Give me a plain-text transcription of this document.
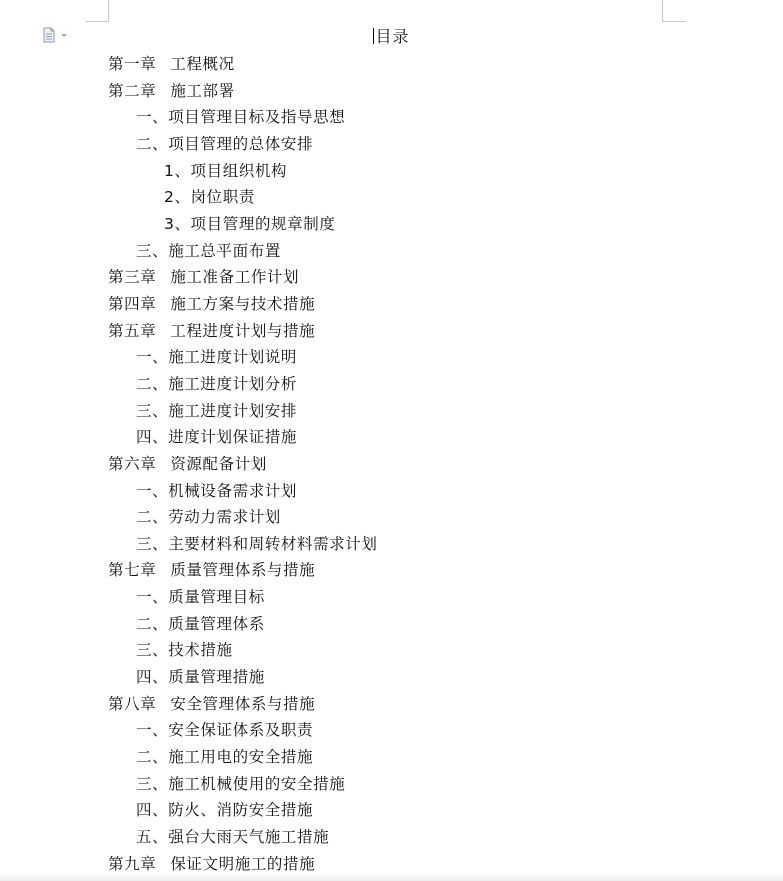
目录
第一章 工程概况
第二章 施工部署
一、项目管理目标及指导思想
二、项目管理的总体安排
1、项目组织机构
2、岗位职责
3、项目管理的规章制度
三、施工总平面布置
第三章 施工准备工作计划
第四章 施工方案与技术措施
第五章 工程进度计划与措施
一、施工进度计划说明
二、施工进度计划分析
三、施工进度计划安排
四、进度计划保证措施
第六章 资源配备计划
一、机械设备需求计划
二、劳动力需求计划
三、主要材料和周转材料需求计划
第七章 质量管理体系与措施
一、质量管理目标
二、质量管理体系
三、技术措施
四、质量管理措施
第八章 安全管理体系与措施
一、安全保证体系及职责
二、施工用电的安全措施
三、施工机械使用的安全措施
四、防火、消防安全措施
五、强台大雨天气施工措施
第九章 保证文明施工的措施
